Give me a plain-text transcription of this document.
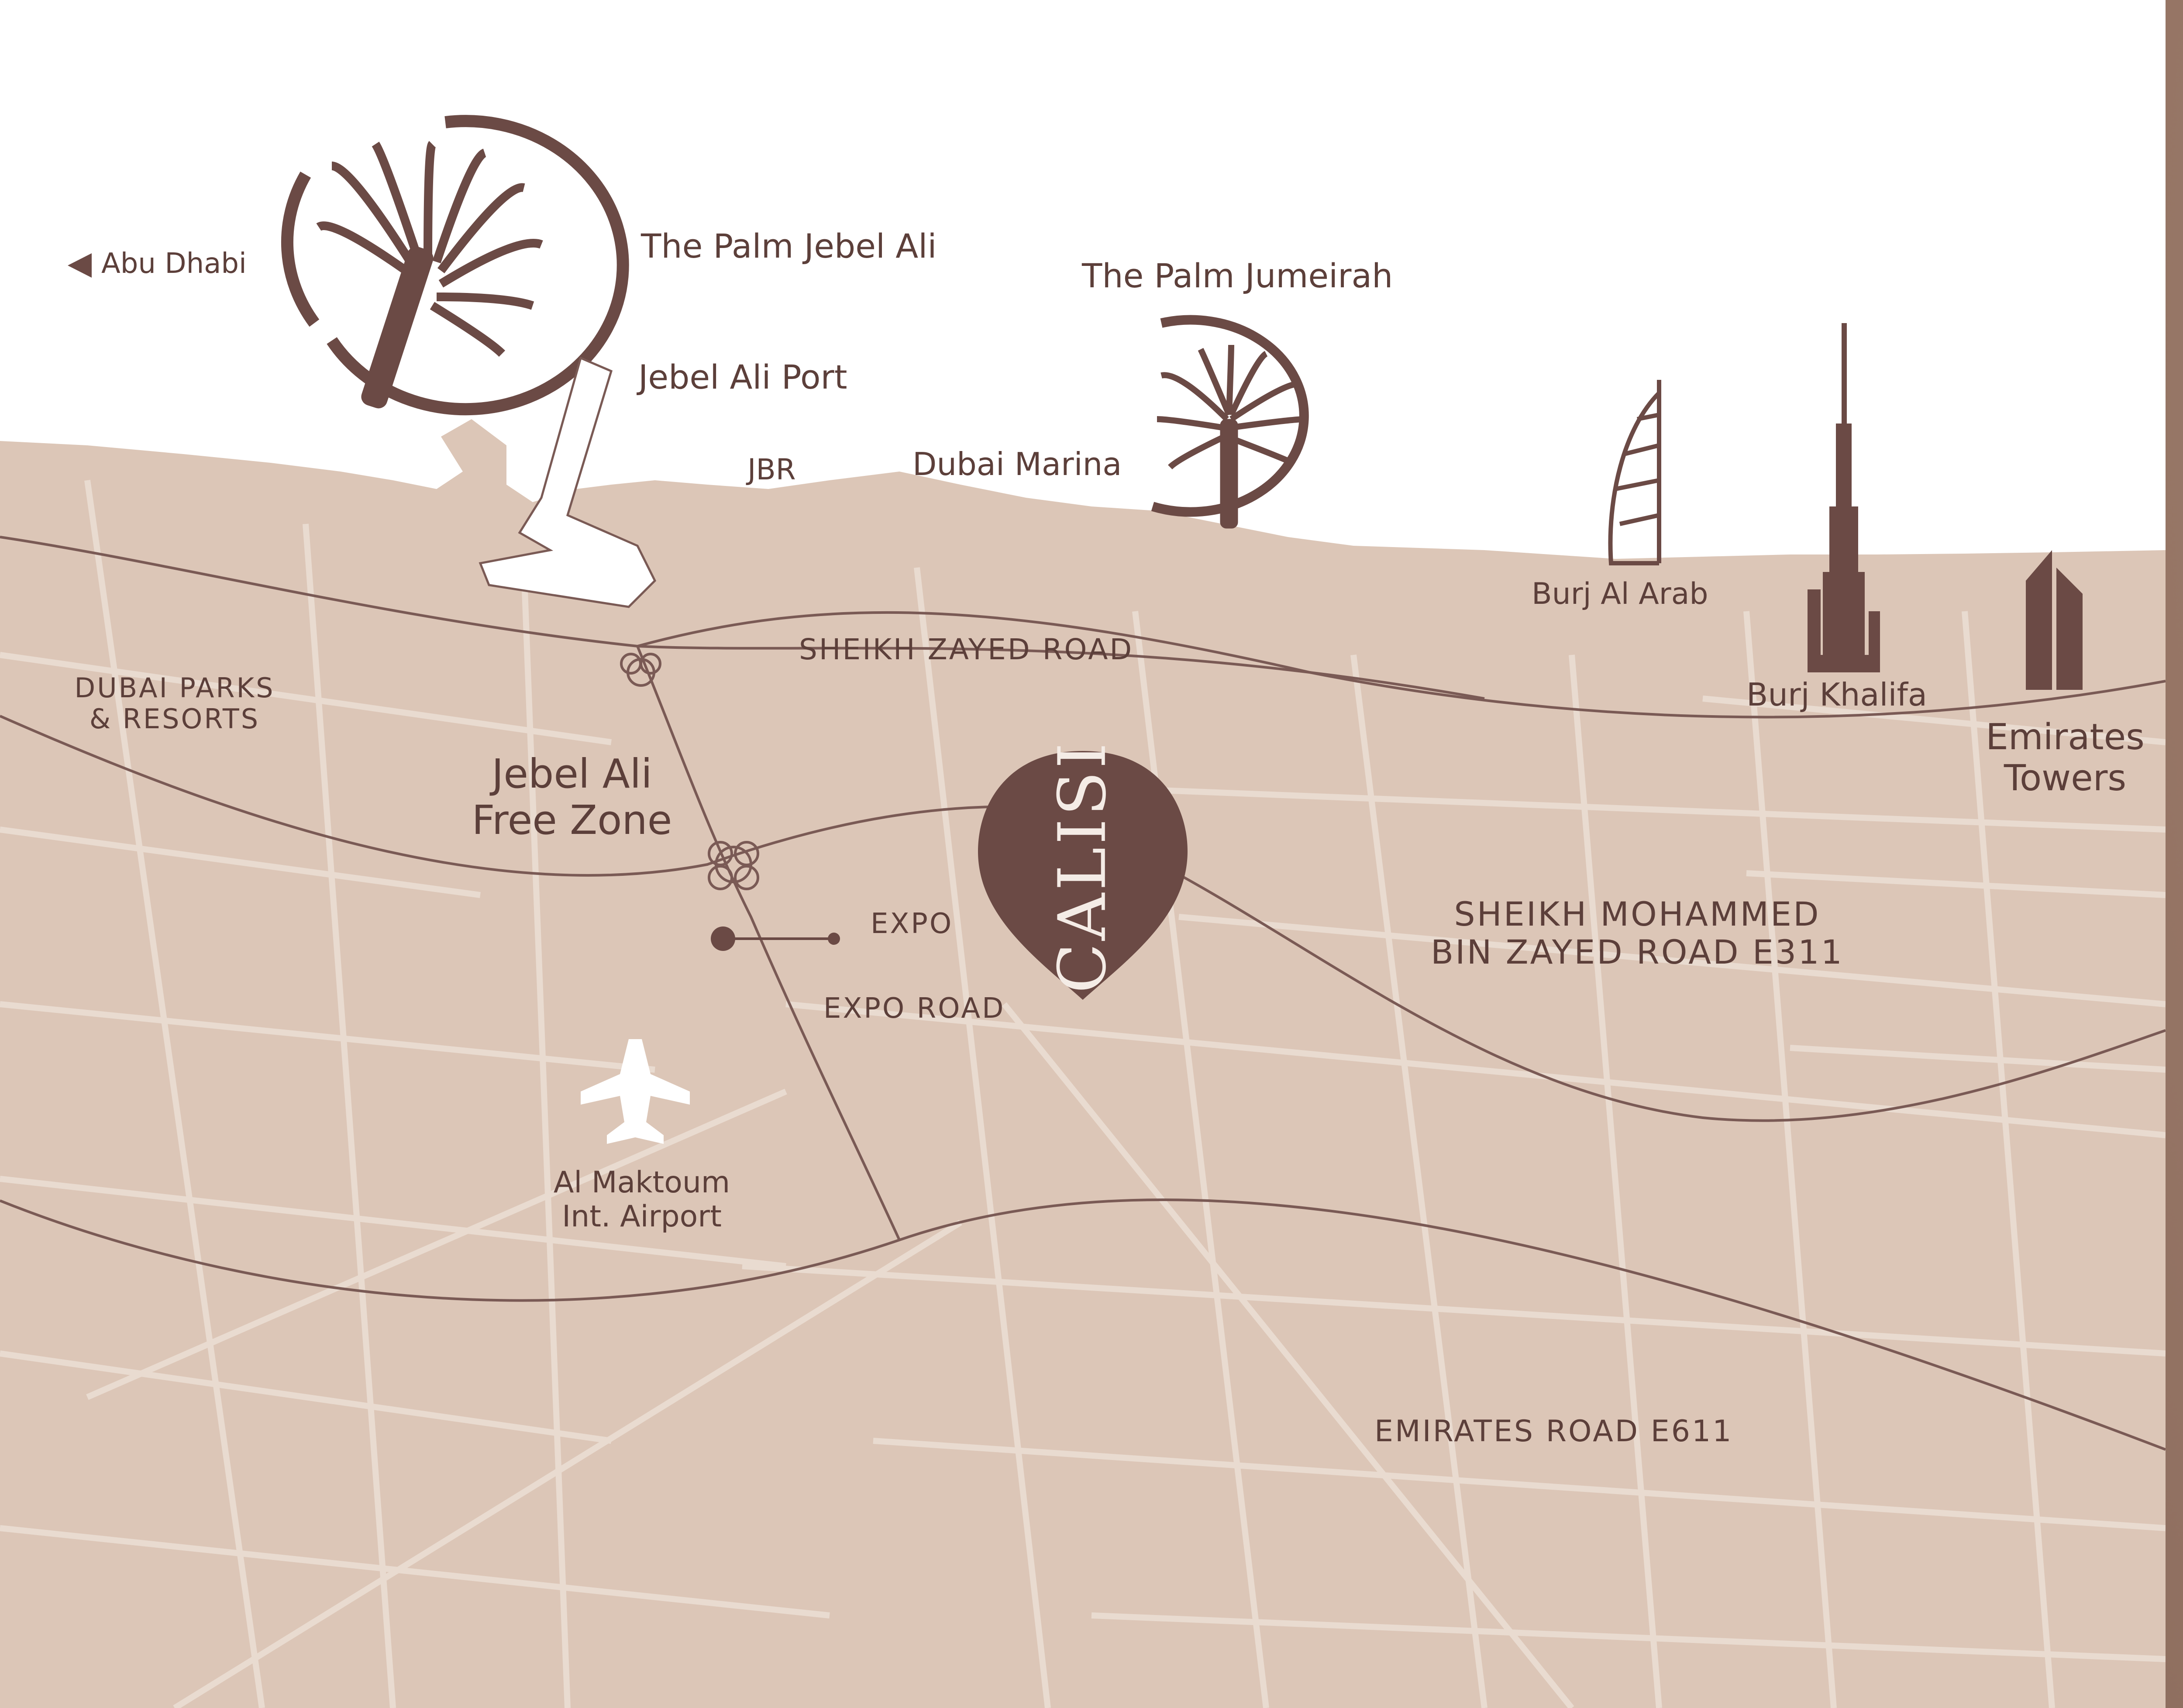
CALISI
Abu Dhabi	The Palm Jebel Ali
The Palm Jumeirah
Jebel Ali Port
JBR	Dubai Marina
Burj Al Arab
Burj Khalifa
Emirates
Towers
DUBAI PARKS
& RESORTS
SHEIKH ZAYED ROAD
Jebel Ali
Free Zone
EXPO
EXPO ROAD
SHEIKH MOHAMMED
BIN ZAYED ROAD E311
Al Maktoum
Int. Airport
EMIRATES ROAD E611
